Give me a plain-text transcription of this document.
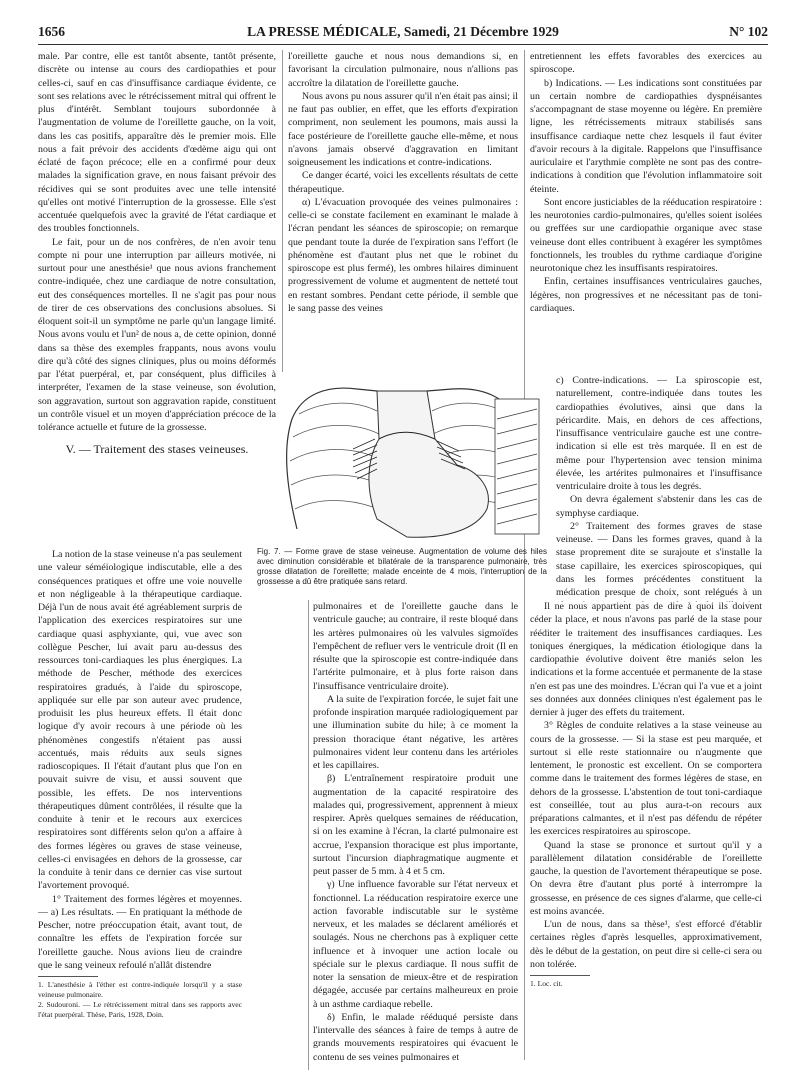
1656	LA PRESSE MÉDICALE, Samedi, 21 Décembre 1929	N° 102

male. Par contre, elle est tantôt absente, tantôt présente, discrète ou intense au cours des cardiopathies et pour celles-ci, sauf en cas d'insuffisance cardiaque évidente, ce sont ses relations avec le rétrécissement mitral qui offrent le plus d'intérêt. Semblant toujours subordonnée à l'augmentation de volume de l'oreillette gauche, on la voit, dans les cas positifs, apparaître dès le premier mois. Elle nous a fait prévoir des accidents d'œdème aigu qui ont éclaté de façon précoce; elle en a confirmé pour deux malades la signification grave, en nous faisant prévoir des récidives qui se sont produites avec une telle intensité qu'elles ont motivé l'interruption de la grossesse. Elle s'est accentuée quelquefois avec la gravité de l'état cardiaque et des troubles fonctionnels.

Le fait, pour un de nos confrères, de n'en avoir tenu compte ni pour une interruption par ailleurs motivée, ni surtout pour une anesthésie¹ que nous avions franchement contre-indiquée, chez une cardiaque de notre consultation, eut des conséquences mortelles. Il ne s'agit pas pour nous de tirer de ces observations des conclusions absolues. Si éloquent soit-il un symptôme ne parle qu'un langage limité. Nous avons voulu et l'un² de nous a, de cette opinion, donné dans sa thèse des exemples frappants, nous avons voulu dire qu'à côté des signes cliniques, plus ou moins déformés par l'état puerpéral, et, par conséquent, plus difficiles à interpréter, l'examen de la stase veineuse, son évolution, son aggravation, surtout son aggravation rapide, constituent un contrôle visuel et un moyen d'appréciation précoce de la tolérance actuelle et future de la grossesse.

V. — Traitement des stases veineuses.

La notion de la stase veineuse n'a pas seulement une valeur séméiologique indiscutable, elle a des conséquences pratiques et offre une voie nouvelle et non négligeable à la thérapeutique cardiaque. Déjà l'un de nous avait été agréablement surpris de l'application des exercices respiratoires sur une cardiaque quasi asphyxiante, qui, vue avec son collègue Pescher, lui avait paru au-dessus des ressources toni-cardiaques les plus énergiques. La méthode de Pescher, méthode des exercices respiratoires gradués, à l'aide du spiroscope, appliquée sur elle par son auteur avec prudence, produisit les plus heureux effets. Il était donc logique d'y avoir recours à une période où les phénomènes congestifs n'étaient pas aussi accentués, mais réduits aux seuls signes radioscopiques. Il l'était d'autant plus que l'on en pouvait suivre de visu, et aussi souvent que possible, les effets. De nos interventions thérapeutiques dûment contrôlées, il résulte que la conduite à tenir et le recours aux exercices respiratoires sont différents selon qu'on a affaire à des formes légères ou graves de stase veineuse, celles-ci envisagées en dehors de la grossesse, car la conduite à tenir dans ce dernier cas vise surtout l'avortement provoqué.

1° Traitement des formes légères et moyennes. — a) Les résultats. — En pratiquant la méthode de Pescher, notre préoccupation était, avant tout, de connaître les effets de l'expiration forcée sur l'oreillette gauche. Nous avions lieu de craindre que le sang veineux refoulé n'allât distendre

1. L'anesthésie à l'éther est contre-indiquée lorsqu'il y a stase veineuse pulmonaire.
2. Sudouroni. — Le rétrécissement mitral dans ses rapports avec l'état puerpéral. Thèse, Paris, 1928, Doin.

l'oreillette gauche et nous nous demandions si, en favorisant la circulation pulmonaire, nous n'allions pas accroître la dilatation de l'oreillette gauche.

Nous avons pu nous assurer qu'il n'en était pas ainsi; il ne faut pas oublier, en effet, que les efforts d'expiration compriment, non seulement les poumons, mais aussi la face postérieure de l'oreillette gauche elle-même, et nous n'avons jamais observé d'aggravation en limitant soigneusement les indications et contre-indications.

Ce danger écarté, voici les excellents résultats de cette thérapeutique.

α) L'évacuation provoquée des veines pulmonaires : celle-ci se constate facilement en examinant le malade à l'écran pendant les séances de spiroscopie; on remarque que pendant toute la durée de l'expiration sans l'effort (le phénomène est d'autant plus net que le robinet du spiroscope est plus fermé), les ombres hilaires diminuent progressivement de volume et augmentent de netteté tout en restant sombres. Pendant cette période, il semble que le sang passe des veines

entretiennent les effets favorables des exercices au spiroscope.

b) Indications. — Les indications sont constituées par un certain nombre de cardiopathies dyspnéisantes s'accompagnant de stase moyenne ou légère. En première ligne, les rétrécissements mitraux stabilisés sans insuffisance cardiaque nette chez lesquels il faut éviter d'avoir recours à la digitale. Rappelons que l'insuffisance auriculaire et l'arythmie complète ne sont pas des contre-indications à condition que l'évolution inflammatoire soit éteinte.

Sont encore justiciables de la rééducation respiratoire : les neurotonies cardio-pulmonaires, qu'elles soient isolées ou greffées sur une cardiopathie organique avec stase veineuse dont elles contribuent à exagérer les symptômes fonctionnels, les troubles du rythme cardiaque d'origine neurotonique chez les insuffisants respiratoires.

Enfin, certaines insuffisances ventriculaires gauches, légères, non progressives et ne nécessitant pas de toni-cardiaques.

c) Contre-indications. — La spiroscopie est, naturellement, contre-indiquée dans toutes les cardiopathies évolutives, ainsi que dans la péricardite. Mais, en dehors de ces affections, l'insuffisance ventriculaire gauche est une contre-indication si elle est très marquée. Il en est de même pour l'hypertension avec tension minima élevée, les artérites pulmonaires et l'insuffisance ventriculaire droite à tous les degrés.

On devra également s'abstenir dans les cas de symphyse cardiaque.

2° Traitement des formes graves de stase veineuse. — Dans les formes graves, quand à la stase proprement dite se surajoute et s'installe la stase capillaire, les exercices spiroscopiques, qui dans les formes précédentes constituent la médication presque de choix, sont relégués à un

Fig. 7. — Forme grave de stase veineuse. Augmentation de volume des hiles avec diminution considérable et bilatérale de la transparence pulmonaire, très grosse dilatation de l'oreillette; malade enceinte de 4 mois, l'interruption de la grossesse a dû être pratiquée sans retard.

pulmonaires et de l'oreillette gauche dans le ventricule gauche; au contraire, il reste bloqué dans les artères pulmonaires où les valvules sigmoïdes l'empêchent de refluer vers le ventricule droit (Il en résulte que la spiroscopie est contre-indiquée dans l'artérite pulmonaire, et à plus forte raison dans l'insuffisance ventriculaire droite).

A la suite de l'expiration forcée, le sujet fait une profonde inspiration marquée radiologiquement par une illumination subite du hile; à ce moment la pression thoracique étant négative, les artères pulmonaires vident leur contenu dans les artérioles et les capillaires.

β) L'entraînement respiratoire produit une augmentation de la capacité respiratoire des malades qui, progressivement, apprennent à mieux respirer. Après quelques semaines de rééducation, si on les examine à l'écran, la clarté pulmonaire est accrue, l'expansion thoracique est plus importante, surtout l'incursion diaphragmatique augmente et peut passer de 5 mm. à 4 et 5 cm.

γ) Une influence favorable sur l'état nerveux et fonctionnel. La rééducation respiratoire exerce une action favorable indiscutable sur le système nerveux, et les malades se déclarent améliorés et soulagés. Nous ne cherchons pas à expliquer cette influence et à invoquer une action locale ou spéciale sur le plexus cardiaque. Il nous suffit de noter la sensation de mieux-être et de respiration dégagée, accusée par certains malheureux en proie à un asthme cardiaque rebelle.

δ) Enfin, le malade rééduqué persiste dans l'intervalle des séances à faire de temps à autre de grands mouvements respiratoires qui évacuent le contenu de ses veines pulmonaires et

Il ne nous appartient pas de dire à quoi ils doivent céder la place, et nous n'avons pas parlé de la stase pour rééditer le traitement des insuffisances cardiaques. Les toniques énergiques, la médication étiologique dans la cardiopathie évolutive doivent être maniés selon les indications et la forme accentuée et permanente de la stase n'en est pas une des moindres. L'écran qui l'a vue et a joint ses données aux données cliniques n'est également pas le dernier à juger des effets du traitement.

3° Règles de conduite relatives a la stase veineuse au cours de la grossesse. — Si la stase est peu marquée, et surtout si elle reste stationnaire ou n'augmente que lentement, le pronostic est excellent. On se comportera comme dans le traitement des formes légères de stase, en dehors de la grossesse. L'abstention de tout toni-cardiaque est conseillée, tout au plus aura-t-on recours aux préparations calmantes, et il n'est pas défendu de répéter les exercices respiratoires au spiroscope.

Quand la stase se prononce et surtout qu'il y a parallèlement dilatation considérable de l'oreillette gauche, la question de l'avortement thérapeutique se pose. On devra être d'autant plus porté à interrompre la grossesse, en présence de ces signes d'alarme, que celle-ci est moins avancée.

L'un de nous, dans sa thèse¹, s'est efforcé d'établir certaines règles d'après lesquelles, approximativement, dès le début de la gestation, on peut dire si celle-ci sera ou non tolérée.

1. Loc. cit.
